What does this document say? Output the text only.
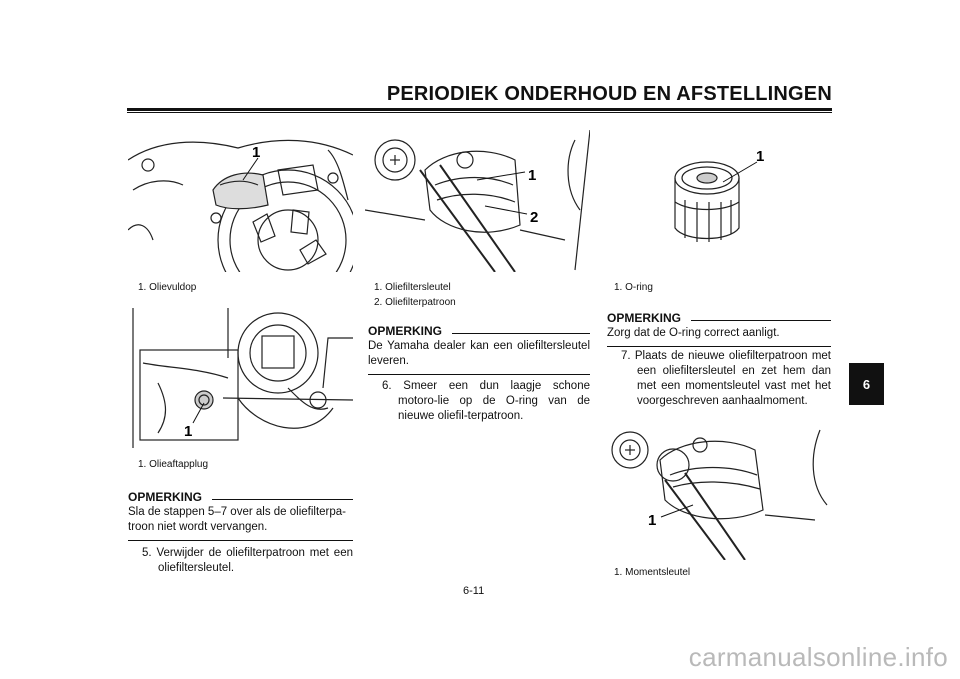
PERIODIEK ONDERHOUD EN AFSTELLINGEN
6
1
1. Olievuldop
1
1. Olieaftapplug
OPMERKING
Sla de stappen 5–7 over als de oliefilterpa-troon niet wordt vervangen.
5. Verwijder de oliefilterpatroon met een oliefiltersleutel.
1
2
1. Oliefiltersleutel
2. Oliefilterpatroon
OPMERKING
De Yamaha dealer kan een oliefiltersleutel leveren.
6. Smeer een dun laagje schone motoro-lie op de O-ring van de nieuwe oliefil-terpatroon.
1
1. O-ring
OPMERKING
Zorg dat de O-ring correct aanligt.
7. Plaats de nieuwe oliefilterpatroon met een oliefiltersleutel en zet hem dan met een momentsleutel vast met het voorgeschreven aanhaalmoment.
1
1. Momentsleutel
6-11
carmanualsonline.info
